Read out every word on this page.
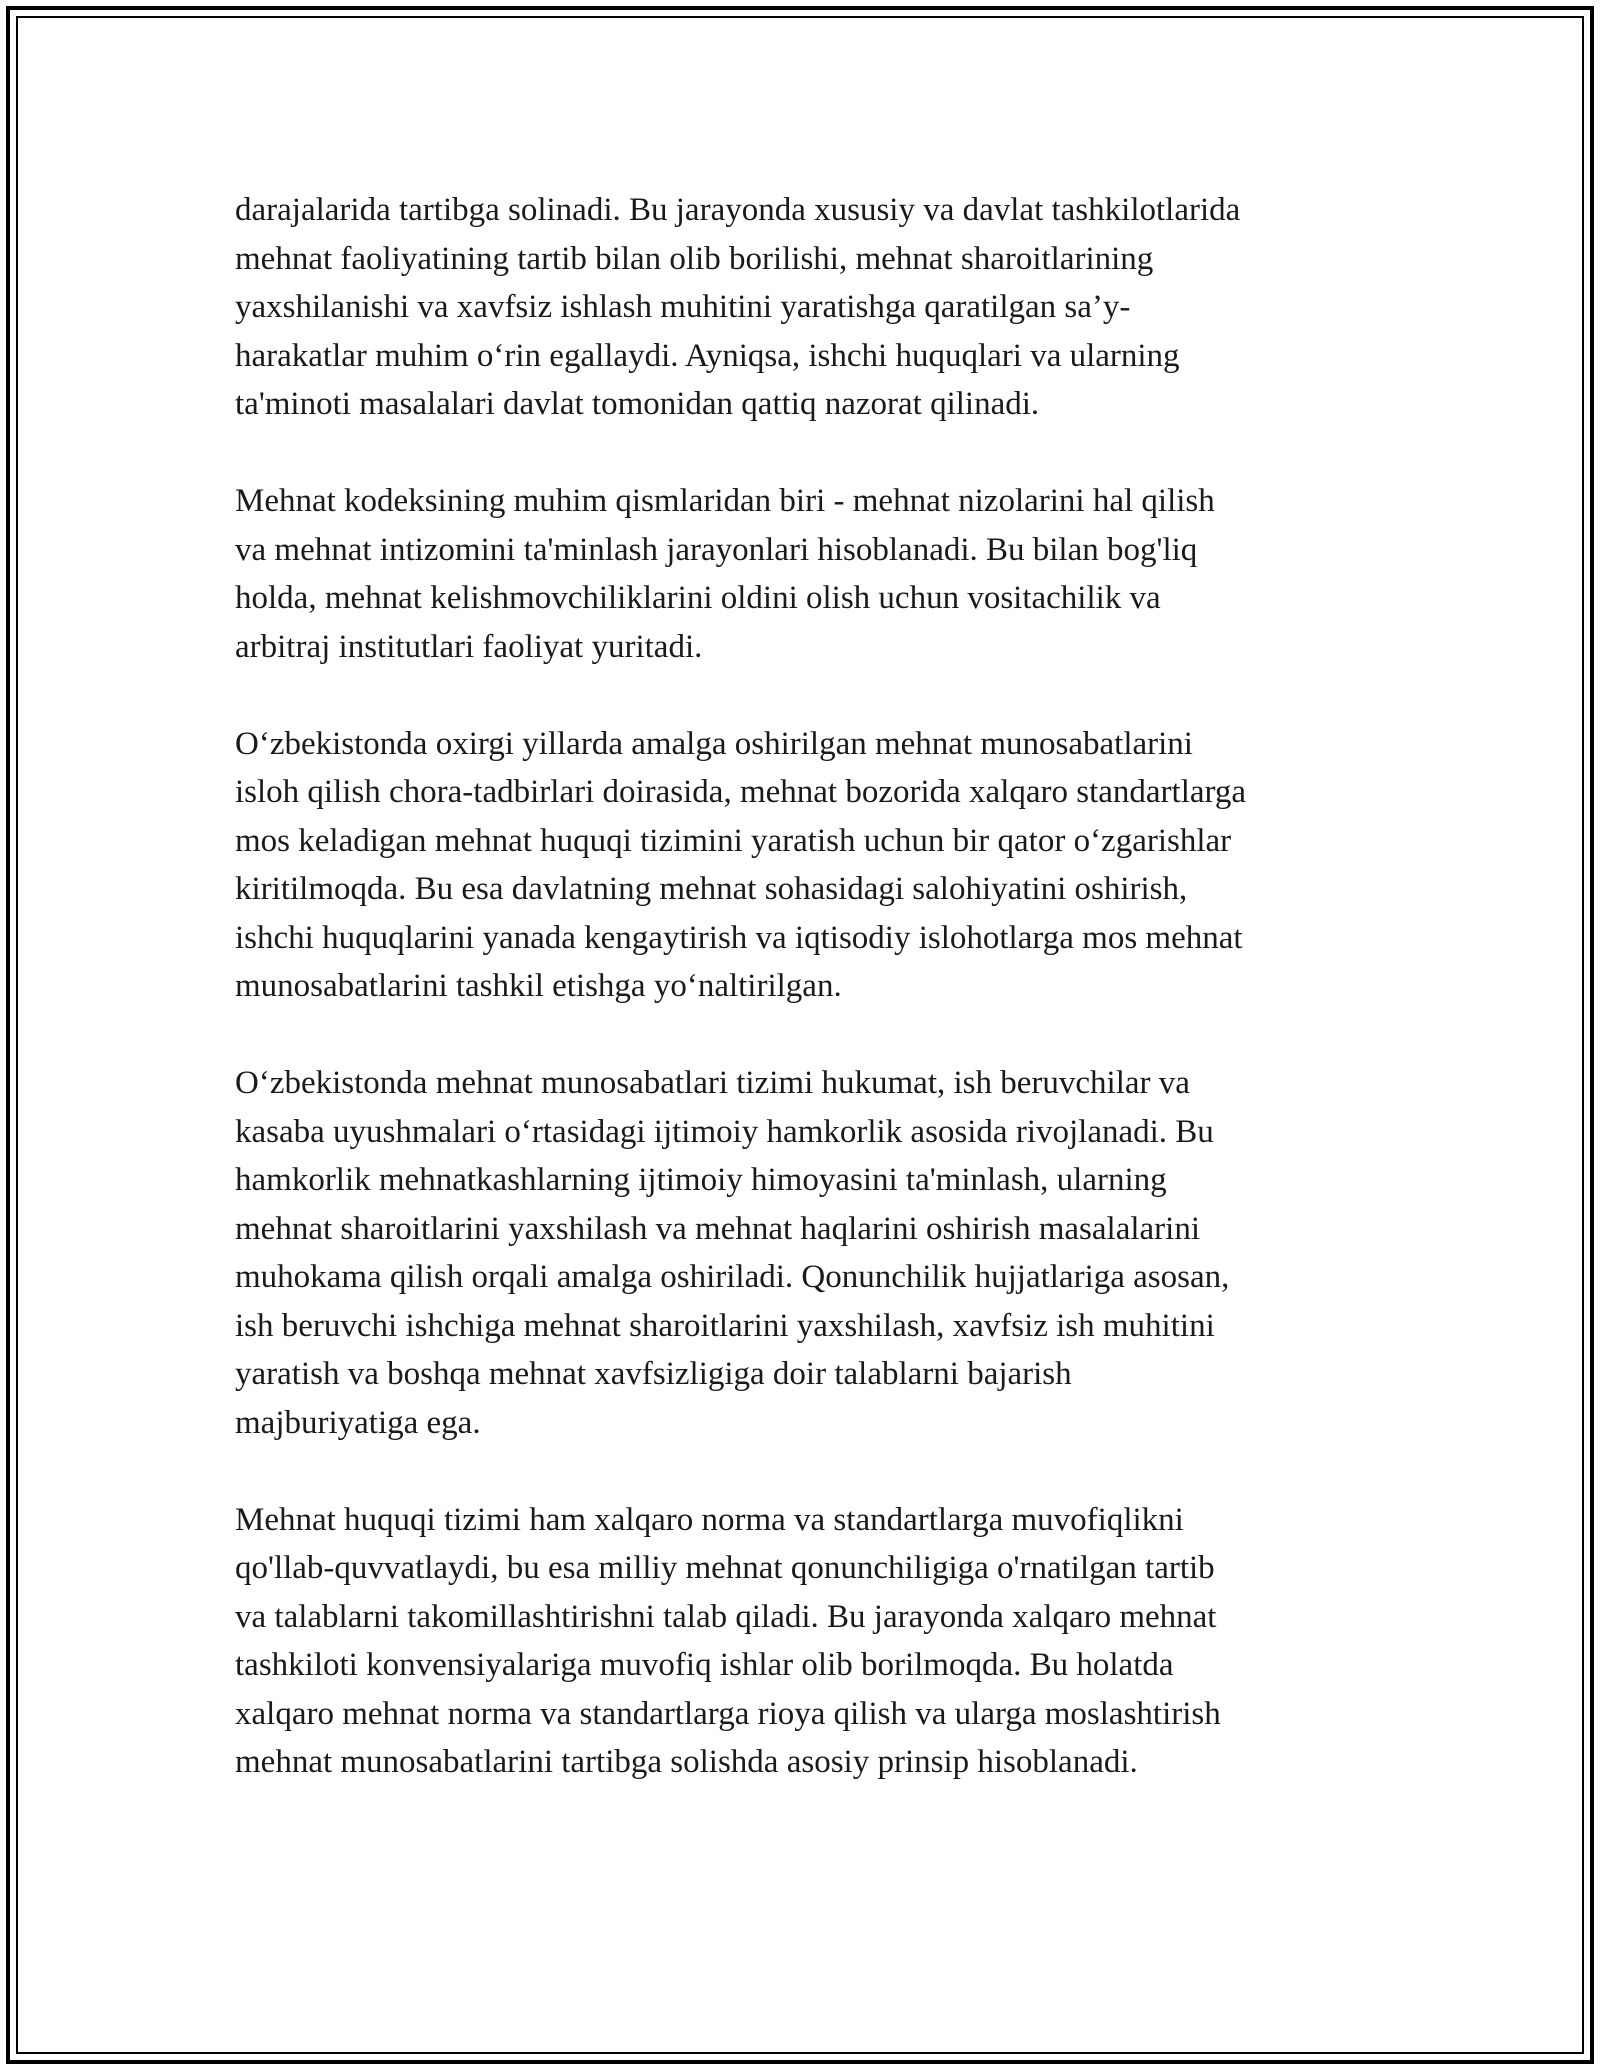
darajalarida tartibga solinadi. Bu jarayonda xususiy va davlat tashkilotlarida
mehnat faoliyatining tartib bilan olib borilishi, mehnat sharoitlarining
yaxshilanishi va xavfsiz ishlash muhitini yaratishga qaratilgan sa’y-
harakatlar muhim o‘rin egallaydi. Ayniqsa, ishchi huquqlari va ularning
ta'minoti masalalari davlat tomonidan qattiq nazorat qilinadi.

Mehnat kodeksining muhim qismlaridan biri - mehnat nizolarini hal qilish
va mehnat intizomini ta'minlash jarayonlari hisoblanadi. Bu bilan bog'liq
holda, mehnat kelishmovchiliklarini oldini olish uchun vositachilik va
arbitraj institutlari faoliyat yuritadi.

O‘zbekistonda oxirgi yillarda amalga oshirilgan mehnat munosabatlarini
isloh qilish chora-tadbirlari doirasida, mehnat bozorida xalqaro standartlarga
mos keladigan mehnat huquqi tizimini yaratish uchun bir qator o‘zgarishlar
kiritilmoqda. Bu esa davlatning mehnat sohasidagi salohiyatini oshirish,
ishchi huquqlarini yanada kengaytirish va iqtisodiy islohotlarga mos mehnat
munosabatlarini tashkil etishga yo‘naltirilgan.

O‘zbekistonda mehnat munosabatlari tizimi hukumat, ish beruvchilar va
kasaba uyushmalari o‘rtasidagi ijtimoiy hamkorlik asosida rivojlanadi. Bu
hamkorlik mehnatkashlarning ijtimoiy himoyasini ta'minlash, ularning
mehnat sharoitlarini yaxshilash va mehnat haqlarini oshirish masalalarini
muhokama qilish orqali amalga oshiriladi. Qonunchilik hujjatlariga asosan,
ish beruvchi ishchiga mehnat sharoitlarini yaxshilash, xavfsiz ish muhitini
yaratish va boshqa mehnat xavfsizligiga doir talablarni bajarish
majburiyatiga ega.

Mehnat huquqi tizimi ham xalqaro norma va standartlarga muvofiqlikni
qo'llab-quvvatlaydi, bu esa milliy mehnat qonunchiligiga o'rnatilgan tartib
va talablarni takomillashtirishni talab qiladi. Bu jarayonda xalqaro mehnat
tashkiloti konvensiyalariga muvofiq ishlar olib borilmoqda. Bu holatda
xalqaro mehnat norma va standartlarga rioya qilish va ularga moslashtirish
mehnat munosabatlarini tartibga solishda asosiy prinsip hisoblanadi.
